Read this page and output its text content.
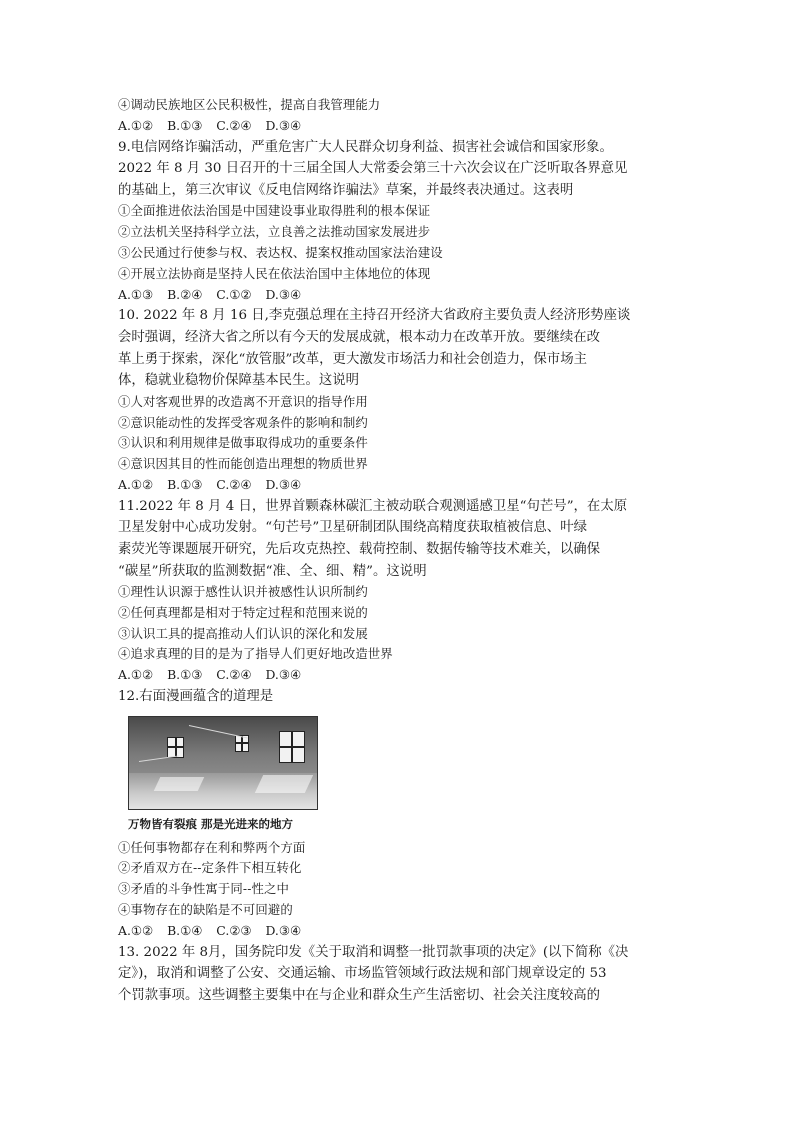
④调动民族地区公民积极性，提高自我管理能力
A.①② B.①③ C.②④ D.③④
9.电信网络诈骗活动，严重危害广大人民群众切身利益、损害社会诚信和国家形象。
2022 年 8 月 30 日召开的十三届全国人大常委会第三十六次会议在广泛听取各界意见
的基础上，第三次审议《反电信网络诈骗法》草案，并最终表决通过。这表明
①全面推进依法治国是中国建设事业取得胜利的根本保证
②立法机关坚持科学立法，立良善之法推动国家发展进步
③公民通过行使参与权、表达权、提案权推动国家法治建设
④开展立法协商是坚持人民在依法治国中主体地位的体现
A.①③ B.②④ C.①② D.③④
10. 2022 年 8 月 16 日,李克强总理在主持召开经济大省政府主要负责人经济形势座谈
会时强调，经济大省之所以有今天的发展成就，根本动力在改革开放。要继续在改
革上勇于探索，深化“放管服”改革，更大激发市场活力和社会创造力，保市场主
体，稳就业稳物价保障基本民生。这说明
①人对客观世界的改造离不开意识的指导作用
②意识能动性的发挥受客观条件的影响和制约
③认识和利用规律是做事取得成功的重要条件
④意识因其目的性而能创造出理想的物质世界
A.①② B.①③ C.②④ D.③④
11.2022 年 8 月 4 日，世界首颗森林碳汇主被动联合观测遥感卫星“句芒号”，在太原
卫星发射中心成功发射。“句芒号”卫星研制团队围绕高精度获取植被信息、叶绿
素荧光等课题展开研究，先后攻克热控、载荷控制、数据传输等技术难关，以确保
“碳星”所获取的监测数据“准、全、细、精”。这说明
①理性认识源于感性认识并被感性认识所制约
②任何真理都是相对于特定过程和范围来说的
③认识工具的提高推动人们认识的深化和发展
④追求真理的目的是为了指导人们更好地改造世界
A.①② B.①③ C.②④ D.③④
12.右面漫画蕴含的道理是
万物皆有裂痕 那是光进来的地方
①任何事物都存在利和弊两个方面
②矛盾双方在--定条件下相互转化
③矛盾的斗争性寓于同--性之中
④事物存在的缺陷是不可回避的
A.①② B.①④ C.②③ D.③④
13. 2022 年 8月，国务院印发《关于取消和调整一批罚款事项的决定》(以下简称《决
定》)，取消和调整了公安、交通运输、市场监管领域行政法规和部门规章设定的 53
个罚款事项。这些调整主要集中在与企业和群众生产生活密切、社会关注度较高的
